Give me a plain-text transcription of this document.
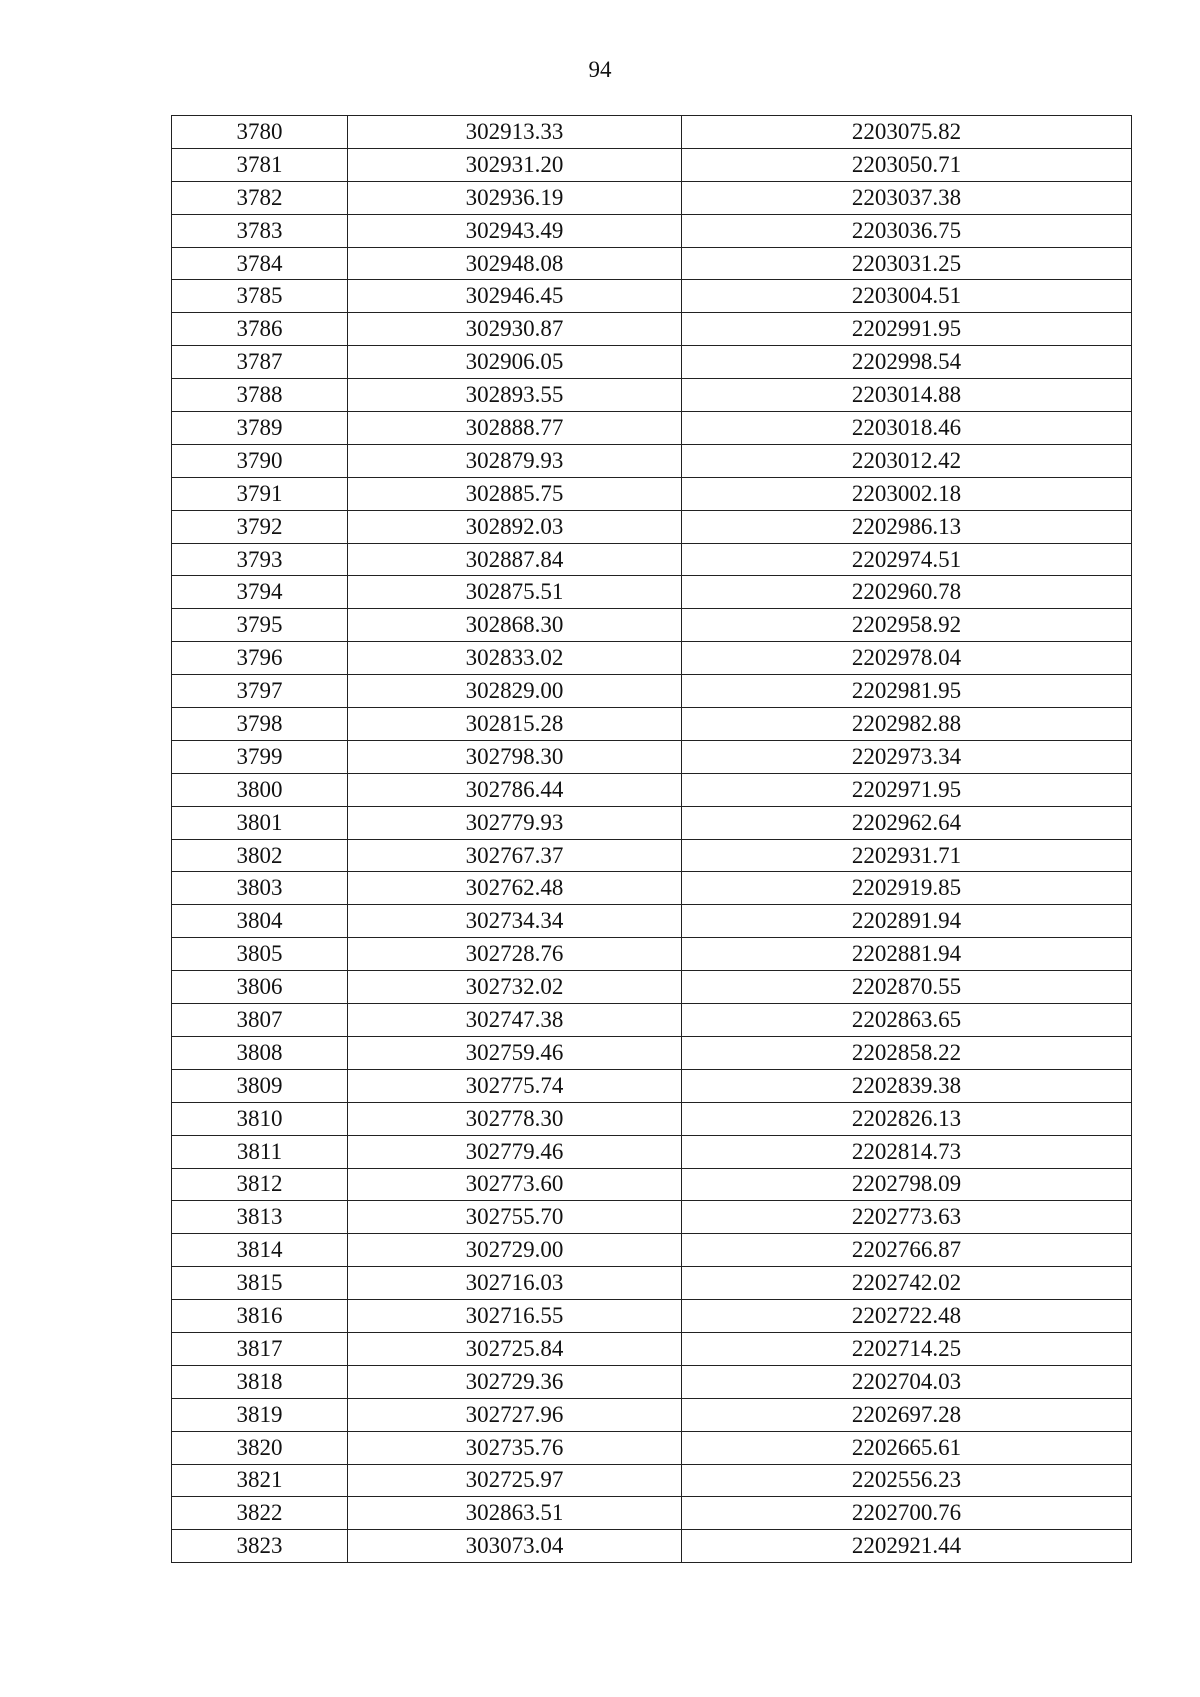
94
3780	302913.33	2203075.82
3781	302931.20	2203050.71
3782	302936.19	2203037.38
3783	302943.49	2203036.75
3784	302948.08	2203031.25
3785	302946.45	2203004.51
3786	302930.87	2202991.95
3787	302906.05	2202998.54
3788	302893.55	2203014.88
3789	302888.77	2203018.46
3790	302879.93	2203012.42
3791	302885.75	2203002.18
3792	302892.03	2202986.13
3793	302887.84	2202974.51
3794	302875.51	2202960.78
3795	302868.30	2202958.92
3796	302833.02	2202978.04
3797	302829.00	2202981.95
3798	302815.28	2202982.88
3799	302798.30	2202973.34
3800	302786.44	2202971.95
3801	302779.93	2202962.64
3802	302767.37	2202931.71
3803	302762.48	2202919.85
3804	302734.34	2202891.94
3805	302728.76	2202881.94
3806	302732.02	2202870.55
3807	302747.38	2202863.65
3808	302759.46	2202858.22
3809	302775.74	2202839.38
3810	302778.30	2202826.13
3811	302779.46	2202814.73
3812	302773.60	2202798.09
3813	302755.70	2202773.63
3814	302729.00	2202766.87
3815	302716.03	2202742.02
3816	302716.55	2202722.48
3817	302725.84	2202714.25
3818	302729.36	2202704.03
3819	302727.96	2202697.28
3820	302735.76	2202665.61
3821	302725.97	2202556.23
3822	302863.51	2202700.76
3823	303073.04	2202921.44
